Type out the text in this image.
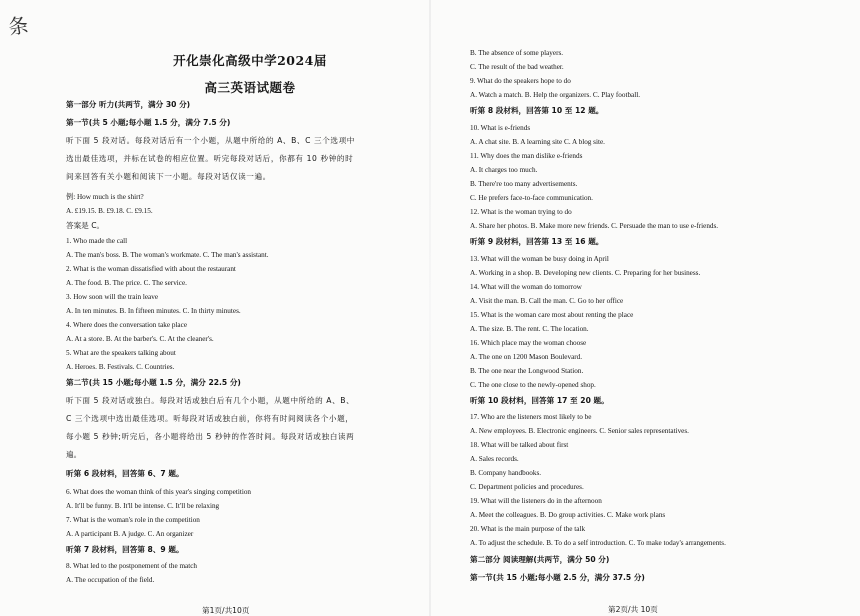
条
开化崇化高级中学2024届
高三英语试题卷
第一部分 听力(共两节，满分 30 分)
第一节(共 5 小题;每小题 1.5 分，满分 7.5 分)
听下面 5 段对话。每段对话后有一个小题，从题中所给的 A、B、C 三个选项中
选出最佳选项，并标在试卷的相应位置。听完每段对话后，你都有 10 秒钟的时
间来回答有关小题和阅读下一小题。每段对话仅读一遍。
例: How much is the shirt?
A. £19.15. B. £9.18. C. £9.15.
答案是 C。
1. Who made the call
A. The man's boss. B. The woman's workmate. C. The man's assistant.
2. What is the woman dissatisfied with about the restaurant
A. The food. B. The price. C. The service.
3. How soon will the train leave
A. In ten minutes. B. In fifteen minutes. C. In thirty minutes.
4. Where does the conversation take place
A. At a store. B. At the barber's. C. At the cleaner's.
5. What are the speakers talking about
A. Heroes. B. Festivals. C. Countries.
第二节(共 15 小题;每小题 1.5 分，满分 22.5 分)
听下面 5 段对话或独白。每段对话或独白后有几个小题，从题中所给的 A、B、
C 三个选项中选出最佳选项。听每段对话或独白前，你将有时间阅读各个小题，
每小题 5 秒钟;听完后，各小题将给出 5 秒钟的作答时间。每段对话或独白读两
遍。
听第 6 段材料，回答第 6、7 题。
6. What does the woman think of this year's singing competition
A. It'll be funny. B. It'll be intense. C. It'll be relaxing
7. What is the woman's role in the competition
A. A participant B. A judge. C. An organizer
听第 7 段材料，回答第 8、9 题。
8. What led to the postponement of the match
A. The occupation of the field.
第1页/共10页
B. The absence of some players.
C. The result of the bad weather.
9. What do the speakers hope to do
A. Watch a match. B. Help the organizers. C. Play football.
听第 8 段材料，回答第 10 至 12 题。
10. What is e-friends
A. A chat site. B. A learning site C. A blog site.
11. Why does the man dislike e-friends
A. It charges too much.
B. There're too many advertisements.
C. He prefers face-to-face communication.
12. What is the woman trying to do
A. Share her photos. B. Make more new friends. C. Persuade the man to use e-friends.
听第 9 段材料，回答第 13 至 16 题。
13. What will the woman be busy doing in April
A. Working in a shop. B. Developing new clients. C. Preparing for her business.
14. What will the woman do tomorrow
A. Visit the man. B. Call the man. C. Go to her office
15. What is the woman care most about renting the place
A. The size. B. The rent. C. The location.
16. Which place may the woman choose
A. The one on 1200 Mason Boulevard.
B. The one near the Longwood Station.
C. The one close to the newly-opened shop.
听第 10 段材料，回答第 17 至 20 题。
17. Who are the listeners most likely to be
A. New employees. B. Electronic engineers. C. Senior sales representatives.
18. What will be talked about first
A. Sales records.
B. Company handbooks.
C. Department policies and procedures.
19. What will the listeners do in the afternoon
A. Meet the colleagues. B. Do group activities. C. Make work plans
20. What is the main purpose of the talk
A. To adjust the schedule. B. To do a self introduction. C. To make today's arrangements.
第二部分 阅读理解(共两节，满分 50 分)
第一节(共 15 小题;每小题 2.5 分，满分 37.5 分)
第2页/共 10页
